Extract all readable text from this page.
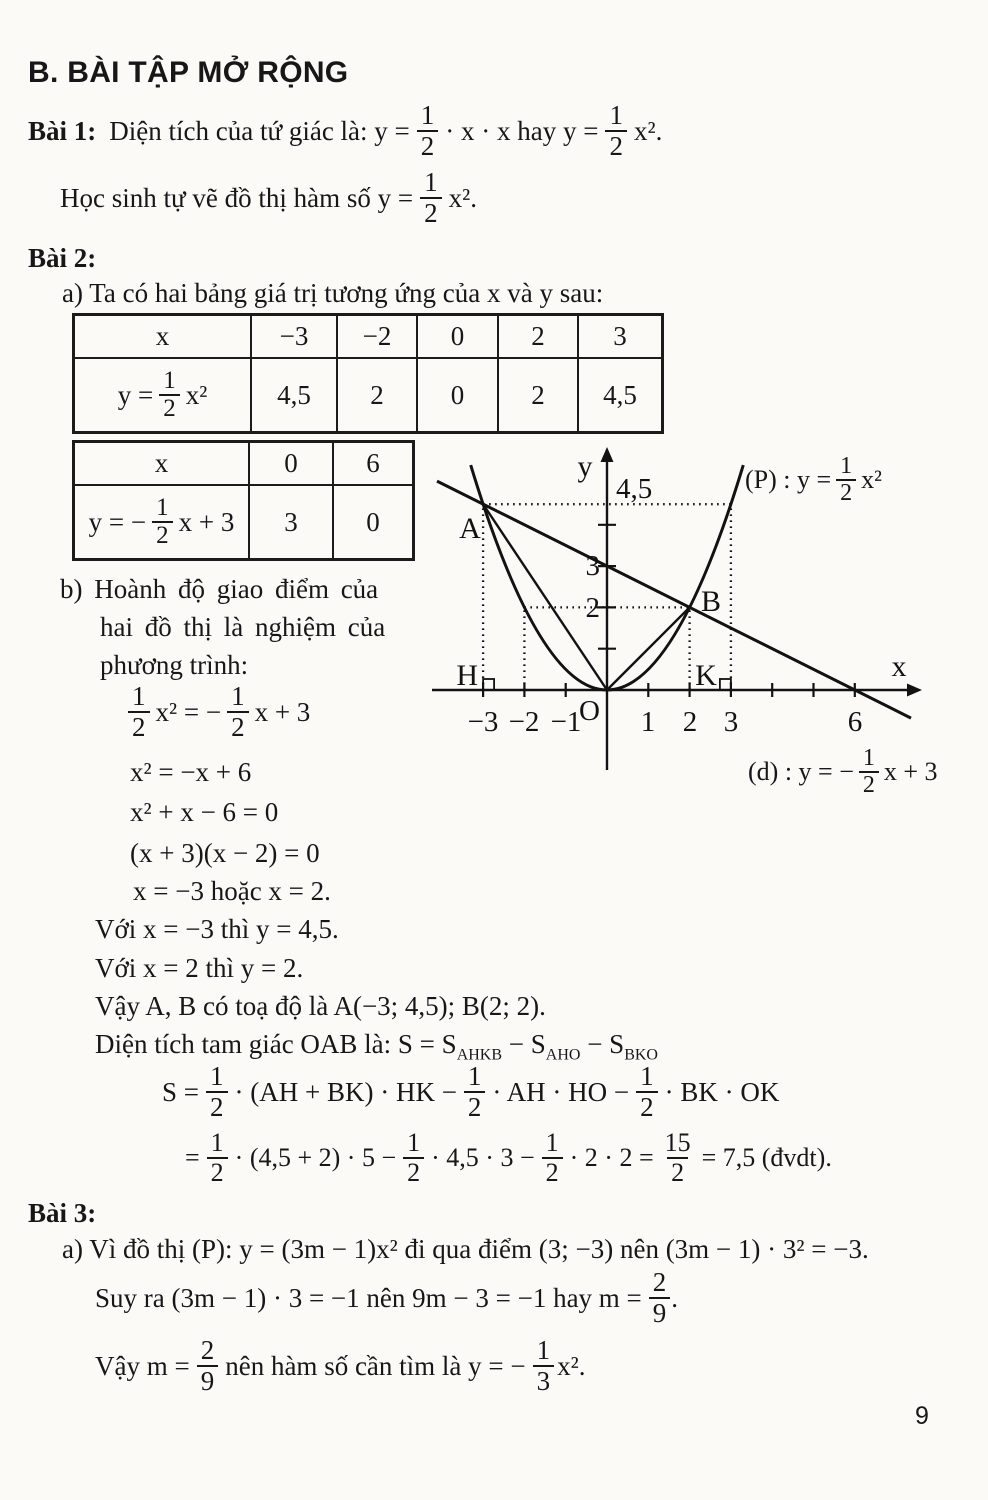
B. BÀI TẬP MỞ RỘNG
Bài 1: Diện tích của tứ giác là: $y = \frac{1}{2} \cdot x \cdot x$ hay $y = \frac{1}{2} x^2$.
Học sinh tự vẽ đồ thị hàm số $y = \frac{1}{2} x^2$.
Bài 2:
a) Ta có hai bảng giá trị tương ứng của x và y sau:
x	−3	−2	0	2	3

$y = \frac{1}{2} x^2$	4,5	2	0	2	4,5
x	0	6

y = − $\frac{1}{2}$ x + 3	3	0
y
x
O
4,5
3
2
A
B
H	K
−3 −2 −1 1 2 3	6
(P) : $y = \frac{1}{2} x^2$
(d) : y = − $\frac{1}{2}$ x + 3
b) Hoành độ giao điểm của
hai đồ thị là nghiệm của
phương trình:
$\frac{1}{2} x^2$ = − $\frac{1}{2}$ x + 3
x² = −x + 6
x² + x − 6 = 0
(x + 3)(x − 2) = 0
x = −3 hoặc x = 2.
Với x = −3 thì y = 4,5.
Với x = 2 thì y = 2.
Vậy A, B có toạ độ là A(−3; 4,5); B(2; 2).
Diện tích tam giác OAB là: $S = S_{AHKB} - S_{AHO} - S_{BKO}$
$S = \frac{1}{2} \cdot (AH + BK)$ · HK − $\frac{1}{2}$ · AH · HO − $\frac{1}{2}$ · BK · OK
= $\frac{1}{2} \cdot (4,5 + 2) \cdot 5 - \frac{1}{2} \cdot 4,5 \cdot 3 - \frac{1}{2} \cdot 2 \cdot 2 = \frac{15}{2} = 7,5$ (đvdt).
Bài 3:
a) Vì đồ thị (P): y = (3m − 1)x² đi qua điểm (3; −3) nên (3m − 1) · 3² = −3.
Suy ra (3m − 1) · 3 = −1 nên 9m − 3 = −1 hay $m = \frac{2}{9}$ .
Vậy $m = \frac{2}{9}$ nên hàm số cần tìm là y = − $\frac{1}{3} x^2$.
9
